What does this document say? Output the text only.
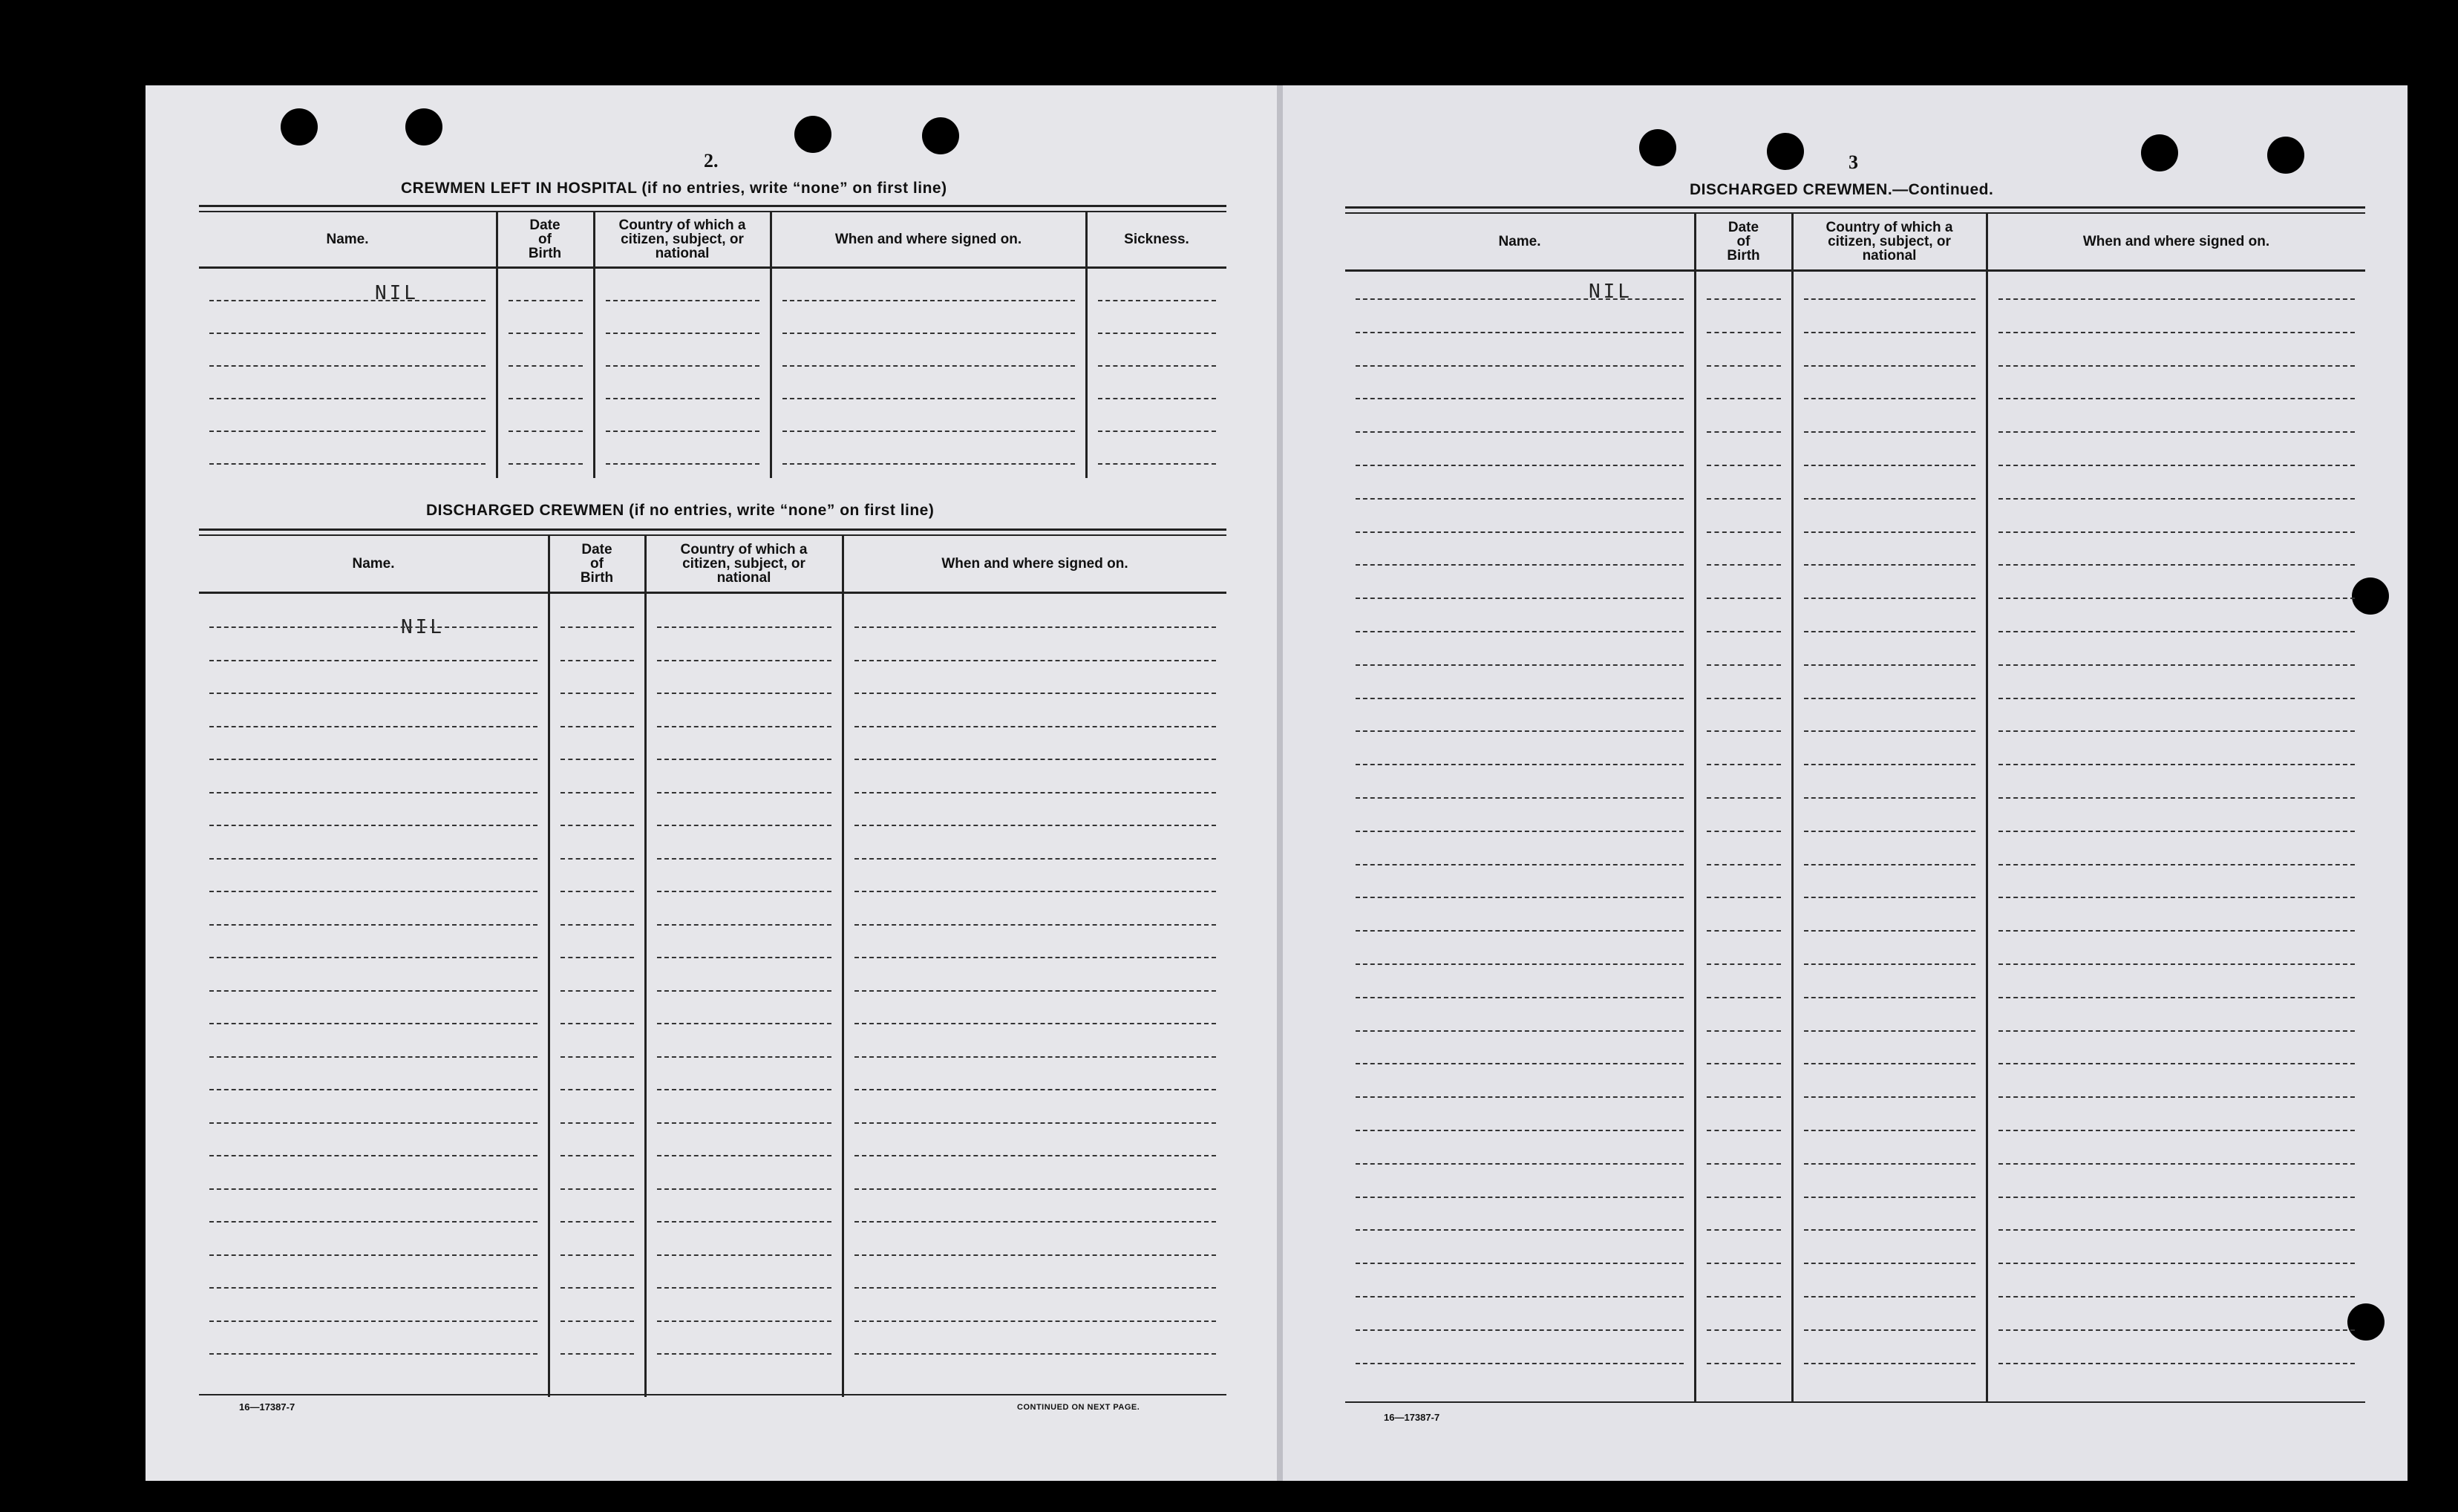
2.
CREWMEN LEFT IN HOSPITAL (if no entries, write “none” on first line)
Name.
Date
of
Birth
Country of which a
citizen, subject, or
national
When and where signed on.	Sickness.
NIL
DISCHARGED CREWMEN (if no entries, write “none” on first line)
Name.
Date
of
Birth
Country of which a
citizen, subject, or
national
When and where signed on.
NIL
16—17387-7	CONTINUED ON NEXT PAGE.
3
DISCHARGED CREWMEN.—Continued.
Name.
Date
of
Birth
Country of which a
citizen, subject, or
national
When and where signed on.
NIL
16—17387-7
